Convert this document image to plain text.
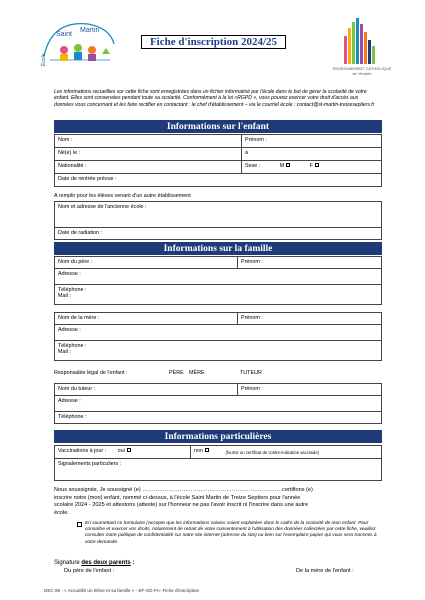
Saint
Martin
École
Fiche d'inscription 2024/25
ENSEIGNEMENT CATHOLIQUE
de Vendée
Les informations recueillies sur cette fiche sont enregistrées dans un fichier informatisé par l'école dans le but de gérer la scolarité de votre enfant. Elles sont conservées pendant toute sa scolarité. Conformément à la loi «RGPD », vous pouvez exercer votre droit d'accès aux données vous concernant et les faire rectifier en contactant : le chef d'établissement – via le courriel école : contact@st-martin-treizesepliers.fr
Informations sur l'enfant
Nom :	Prénom :
Né(e) le :	à
Nationalité :	Sexe : M F
Date de rentrée prévue :	
A remplir pour les élèves venant d'un autre établissement
Nom et adresse de l'ancienne école :
Date de radiation :
Informations sur la famille
Nom du père :	Prénom :
Adresse :

Téléphone :
Mail :
Nom de la mère :	Prénom :
Adresse :

Téléphone :
Mail :
Responsable légal de l'enfant :	PÈRE MÈRE	TUTEUR
Nom du tuteur :	Prénom :
Adresse :
Téléphone :
Informations particulières
Vaccinations à jour : oui	non	(fournir un certificat de contre-indication vaccinale)
Signalements particuliers :
Nous soussignés, Je soussigné (e) …………………………………………………………………certifions (e)
inscrire notre (mon) enfant, nommé ci-dessus, à l'école Saint Martin de Treize Septiers pour l'année
scolaire 2024 - 2025 et attestons (atteste) sur l'honneur ne pas l'avoir inscrit ni l'inscrire dans une autre
école.
En soumettant ce formulaire j'accepte que les informations saisies soient exploitées dans le cadre de la scolarité de mon enfant. Pour connaître et exercer vos droits, notamment de retrait de votre consentement à l'utilisation des données collectées par cette fiche, veuillez consulter notre politique de confidentialité sur notre site internet (adresse du site) ou bien sur l'exemplaire papier qui vous sera transmis à votre demande.
Signature des deux parents :
Du père de l'enfant :	De la mère de l'enfant :
DEC 85 - « Accueillir un élève et sa famille » - EF-SG-FA- Fiche d'inscription
